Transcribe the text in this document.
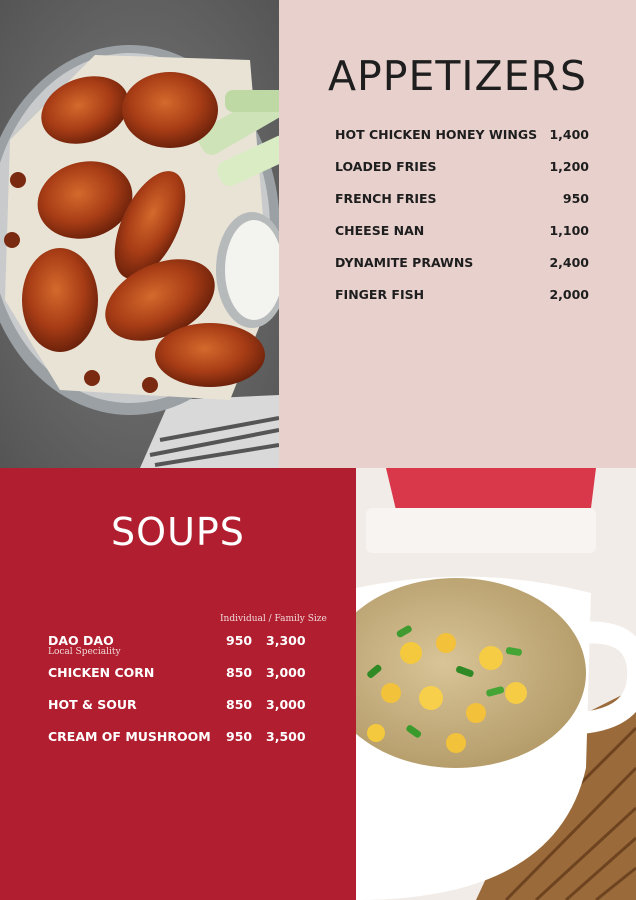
APPETIZERS
HOT CHICKEN HONEY WINGS 1,400
LOADED FRIES	1,200
FRENCH FRIES	950
CHEESE NAN	1,100
DYNAMITE PRAWNS	2,400
FINGER FISH	2,000
SOUPS
Individual / Family Size
DAO DAO	950 3,300
Local Speciality
CHICKEN CORN	850 3,000
HOT & SOUR	850 3,000
CREAM OF MUSHROOM 950 3,500
